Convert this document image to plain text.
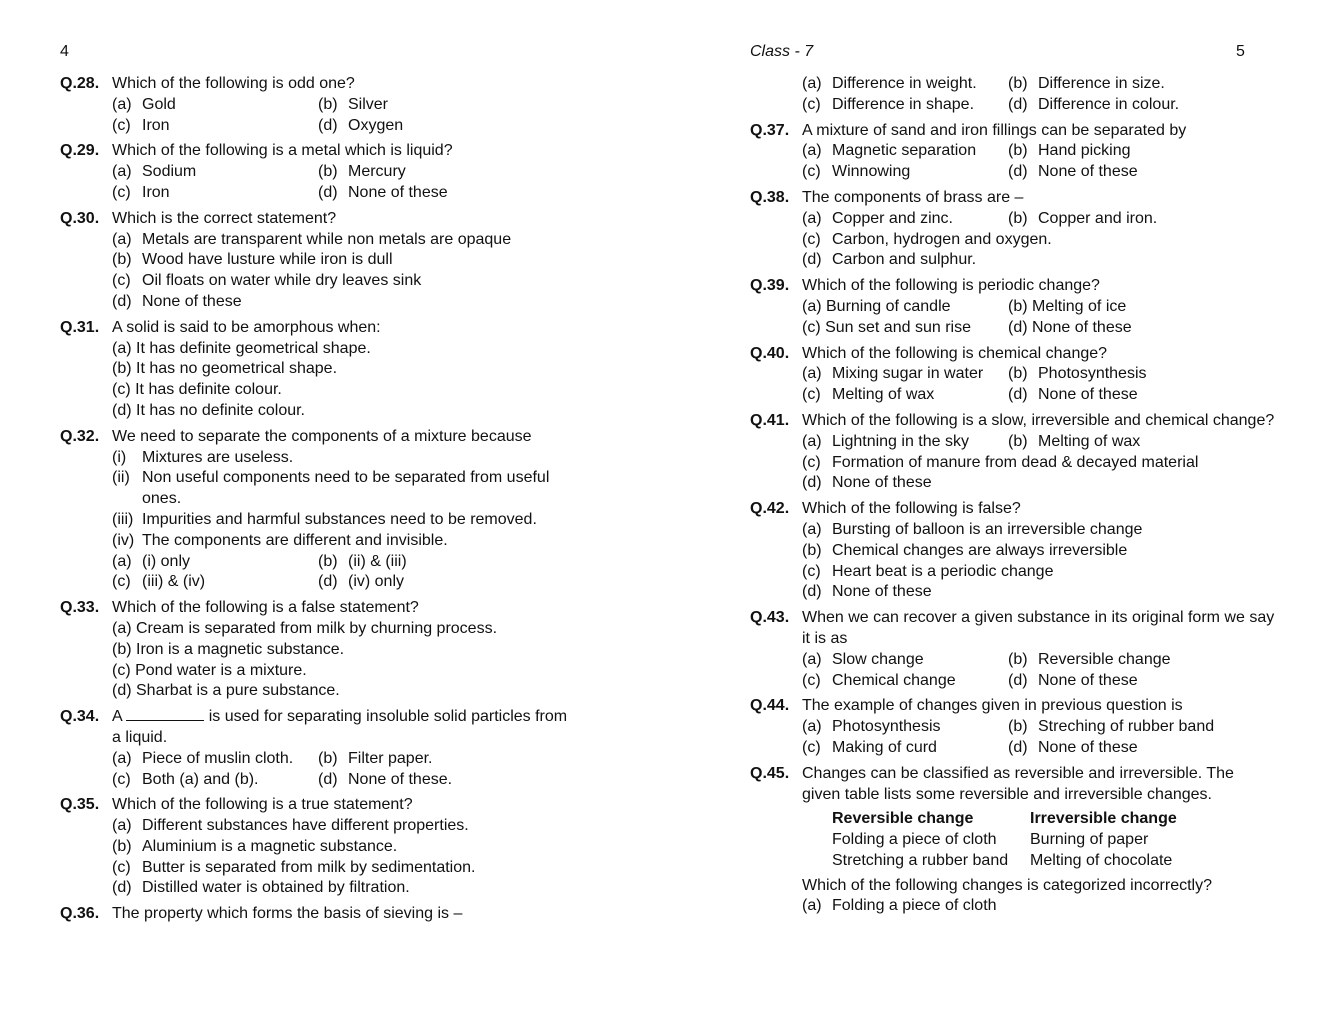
4
Q.28. Which of the following is odd one?
(a) Gold	(b) Silver
(c) Iron	(d) Oxygen
Q.29. Which of the following is a metal which is liquid?
(a) Sodium	(b) Mercury
(c) Iron	(d) None of these
Q.30. Which is the correct statement?
(a) Metals are transparent while non metals are opaque
(b) Wood have lusture while iron is dull
(c) Oil floats on water while dry leaves sink
(d) None of these
Q.31. A solid is said to be amorphous when:
(a) It has definite geometrical shape.
(b) It has no geometrical shape.
(c) It has definite colour.
(d) It has no definite colour.
Q.32. We need to separate the components of a mixture because
(i) Mixtures are useless.
(ii) Non useful components need to be separated from useful ones.
(iii) Impurities and harmful substances need to be removed.
(iv) The components are different and invisible.
(a) (i) only	(b) (ii) & (iii)
(c) (iii) & (iv)	(d) (iv) only
Q.33. Which of the following is a false statement?
(a) Cream is separated from milk by churning process.
(b) Iron is a magnetic substance.
(c) Pond water is a mixture.
(d) Sharbat is a pure substance.
Q.34. A	is used for separating insoluble solid particles from a liquid.
(a) Piece of muslin cloth.	(b) Filter paper.
(c) Both (a) and (b).	(d) None of these.
Q.35. Which of the following is a true statement?
(a) Different substances have different properties.
(b) Aluminium is a magnetic substance.
(c) Butter is separated from milk by sedimentation.
(d) Distilled water is obtained by filtration.
Q.36. The property which forms the basis of sieving is –
Class - 7	5
(a) Difference in weight.	(b) Difference in size.
(c) Difference in shape.	(d) Difference in colour.
Q.37. A mixture of sand and iron fillings can be separated by
(a) Magnetic separation	(b) Hand picking
(c) Winnowing	(d) None of these
Q.38. The components of brass are –
(a) Copper and zinc.	(b) Copper and iron.
(c) Carbon, hydrogen and oxygen.
(d) Carbon and sulphur.
Q.39. Which of the following is periodic change?
(a) Burning of candle	(b) Melting of ice
(c) Sun set and sun rise	(d) None of these
Q.40. Which of the following is chemical change?
(a) Mixing sugar in water	(b) Photosynthesis
(c) Melting of wax	(d) None of these
Q.41. Which of the following is a slow, irreversible and chemical change?
(a) Lightning in the sky	(b) Melting of wax
(c) Formation of manure from dead & decayed material
(d) None of these
Q.42. Which of the following is false?
(a) Bursting of balloon is an irreversible change
(b) Chemical changes are always irreversible
(c) Heart beat is a periodic change
(d) None of these
Q.43. When we can recover a given substance in its original form we say it is as
(a) Slow change	(b) Reversible change
(c) Chemical change	(d) None of these
Q.44. The example of changes given in previous question is
(a) Photosynthesis	(b) Streching of rubber band
(c) Making of curd	(d) None of these
Q.45. Changes can be classified as reversible and irreversible. The given table lists some reversible and irreversible changes.
Reversible change	Irreversible change
Folding a piece of cloth	Burning of paper
Stretching a rubber band	Melting of chocolate
Which of the following changes is categorized incorrectly?
(a) Folding a piece of cloth
